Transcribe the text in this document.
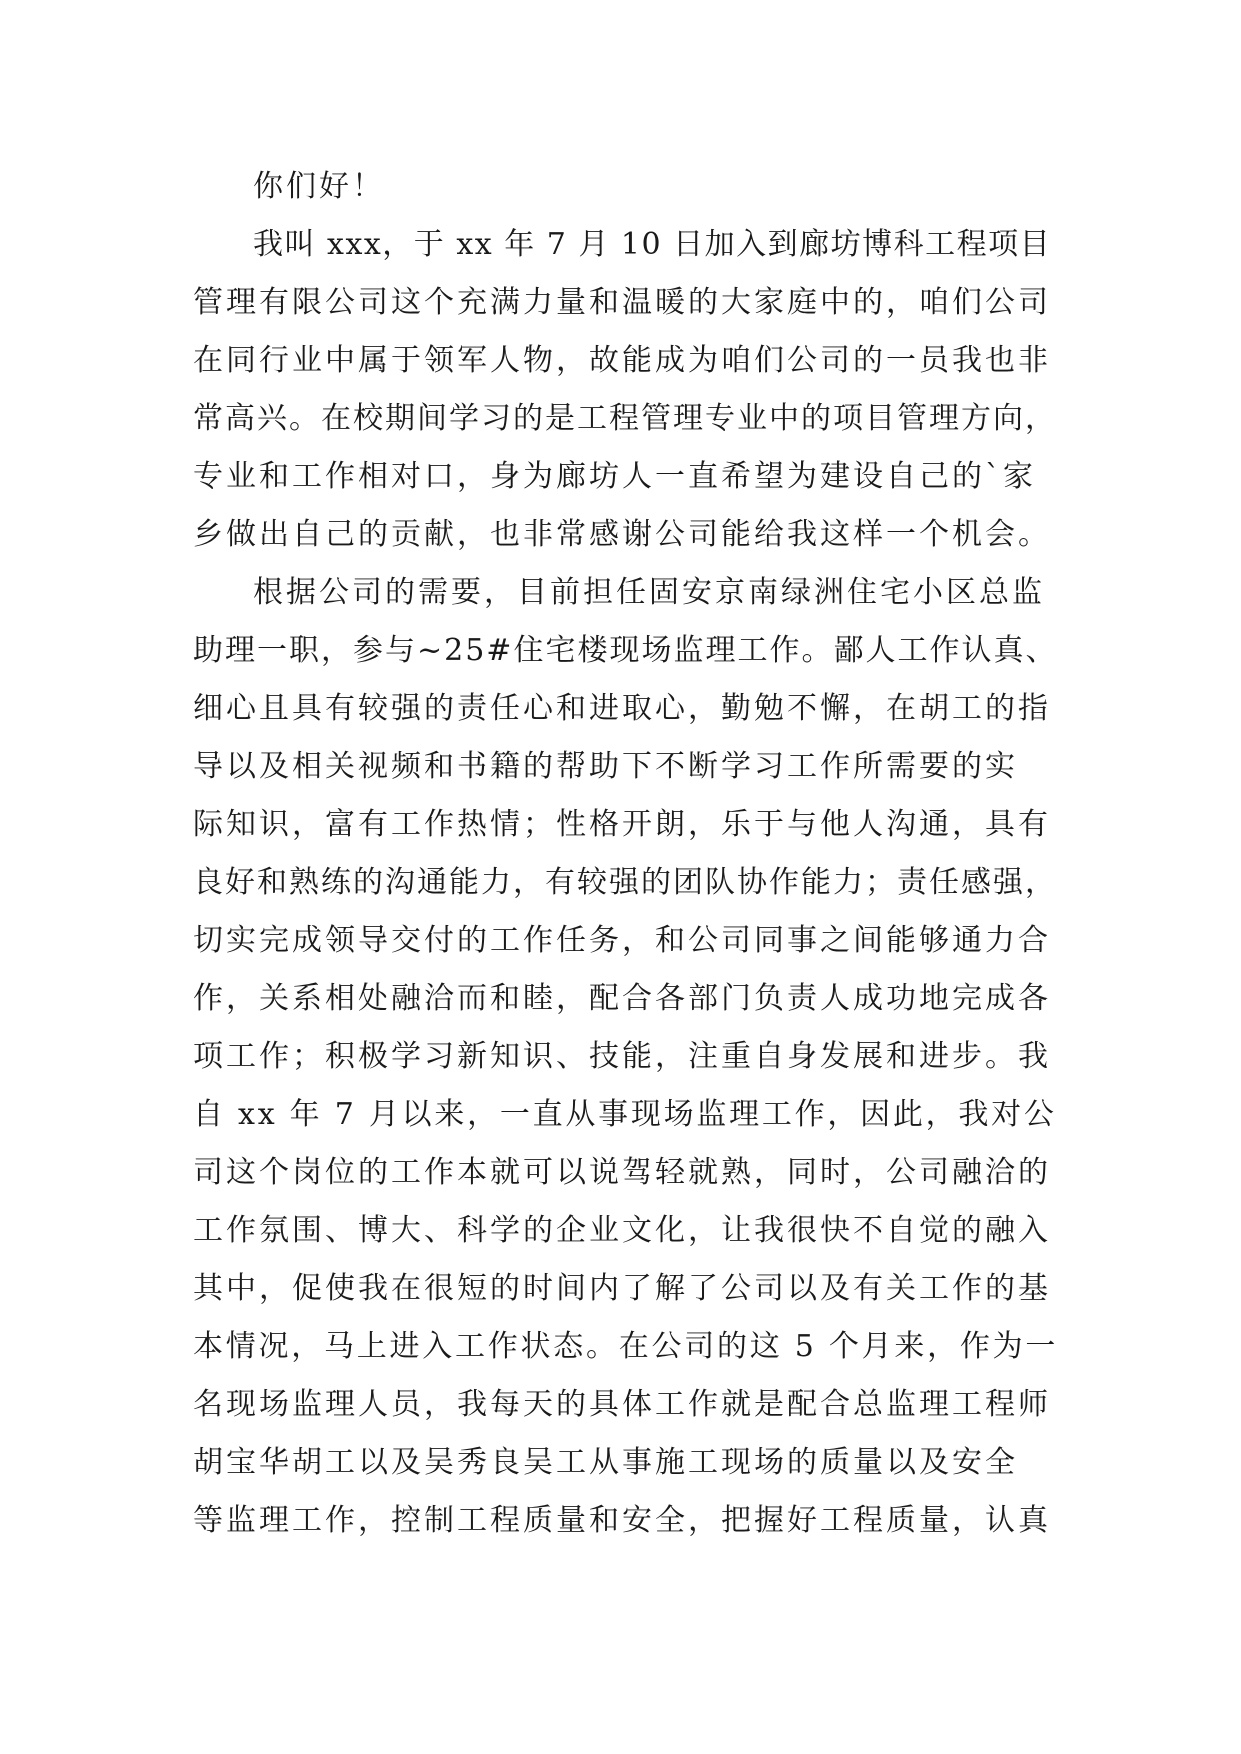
你们好！
我叫 xxx，于 xx 年 7 月 10 日加入到廊坊博科工程项目
管理有限公司这个充满力量和温暖的大家庭中的，咱们公司
在同行业中属于领军人物，故能成为咱们公司的一员我也非
常高兴。在校期间学习的是工程管理专业中的项目管理方向，
专业和工作相对口，身为廊坊人一直希望为建设自己的`家
乡做出自己的贡献，也非常感谢公司能给我这样一个机会。
根据公司的需要，目前担任固安京南绿洲住宅小区总监
助理一职，参与~25#住宅楼现场监理工作。鄙人工作认真、
细心且具有较强的责任心和进取心，勤勉不懈，在胡工的指
导以及相关视频和书籍的帮助下不断学习工作所需要的实
际知识，富有工作热情；性格开朗，乐于与他人沟通，具有
良好和熟练的沟通能力，有较强的团队协作能力；责任感强，
切实完成领导交付的工作任务，和公司同事之间能够通力合
作，关系相处融洽而和睦，配合各部门负责人成功地完成各
项工作；积极学习新知识、技能，注重自身发展和进步。我
自 xx 年 7 月以来，一直从事现场监理工作，因此，我对公
司这个岗位的工作本就可以说驾轻就熟，同时，公司融洽的
工作氛围、博大、科学的企业文化，让我很快不自觉的融入
其中，促使我在很短的时间内了解了公司以及有关工作的基
本情况，马上进入工作状态。在公司的这 5 个月来，作为一
名现场监理人员，我每天的具体工作就是配合总监理工程师
胡宝华胡工以及吴秀良吴工从事施工现场的质量以及安全
等监理工作，控制工程质量和安全，把握好工程质量，认真
